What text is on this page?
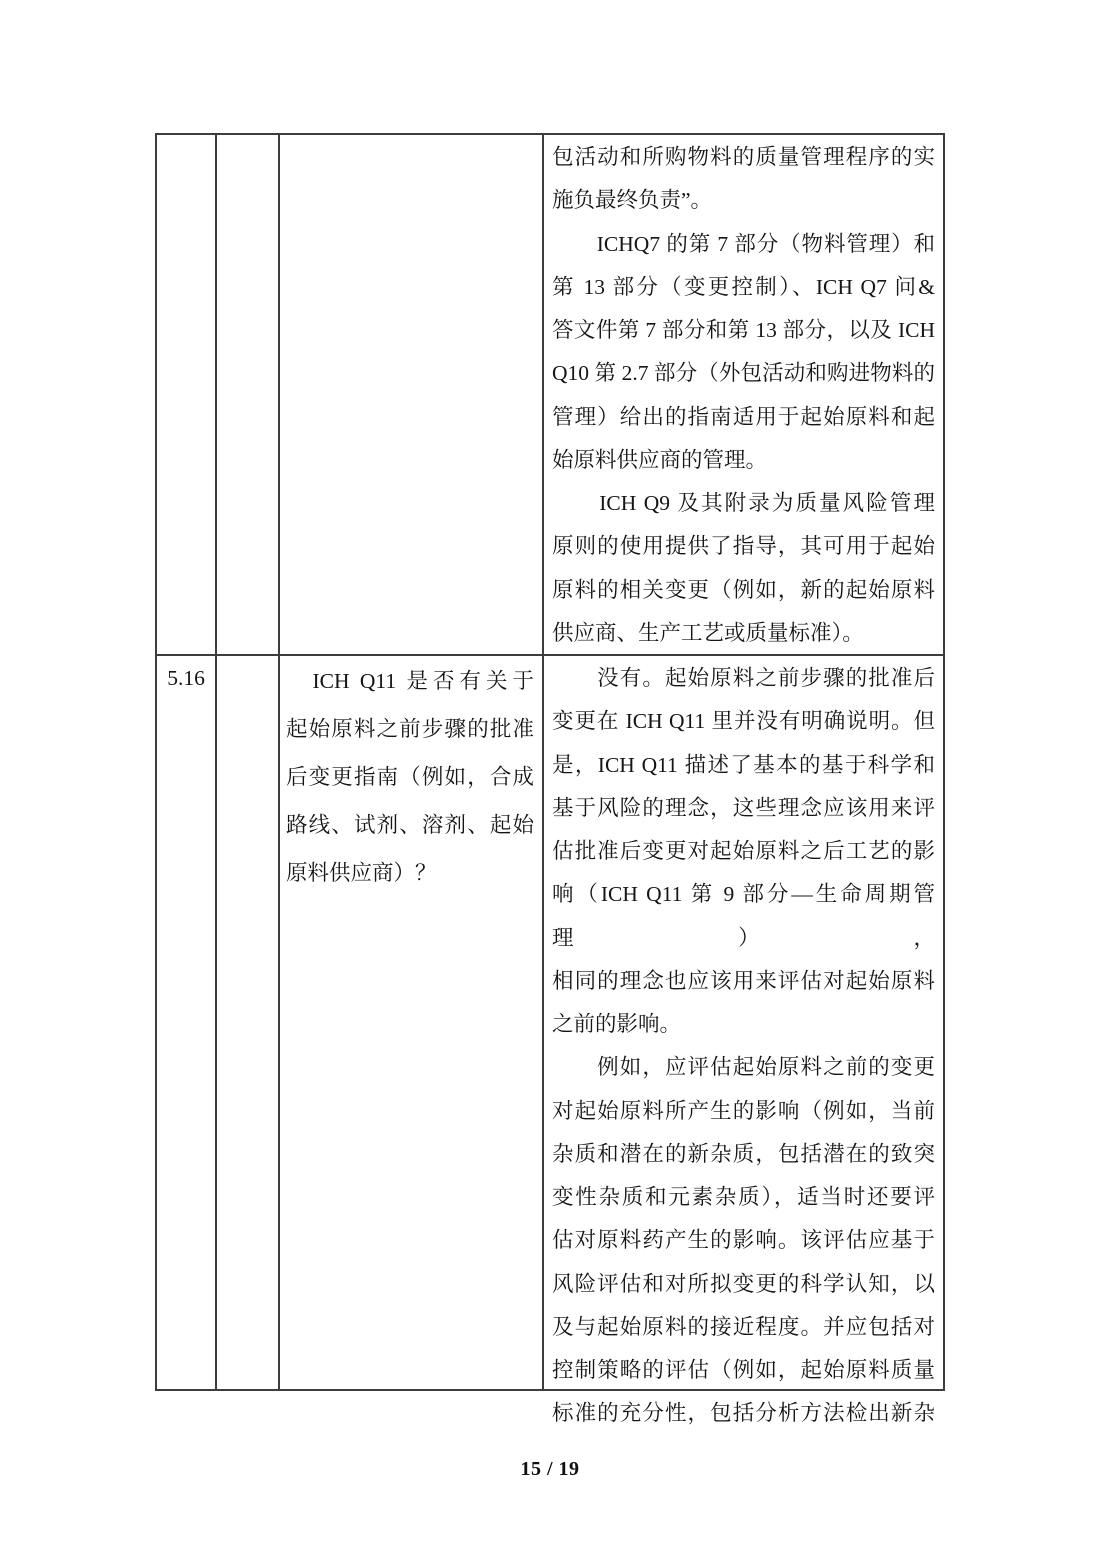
包活动和所购物料的质量管理程序的实
施负最终负责”。
　　ICHQ7 的第 7 部分（物料管理）和
第 13 部分（变更控制）、ICH Q7 问&
答文件第 7 部分和第 13 部分，以及 ICH
Q10 第 2.7 部分（外包活动和购进物料的
管理）给出的指南适用于起始原料和起
始原料供应商的管理。
　　ICH Q9 及其附录为质量风险管理
原则的使用提供了指导，其可用于起始
原料的相关变更（例如，新的起始原料
供应商、生产工艺或质量标准）。
5.16	　ICH Q11 是否有关于
起始原料之前步骤的批准
后变更指南（例如，合成
路线、试剂、溶剂、起始
原料供应商）？
　　没有。起始原料之前步骤的批准后
变更在 ICH Q11 里并没有明确说明。但
是，ICH Q11 描述了基本的基于科学和
基于风险的理念，这些理念应该用来评
估批准后变更对起始原料之后工艺的影
响（ICH Q11 第 9 部分—生命周期管理），
相同的理念也应该用来评估对起始原料
之前的影响。
　　例如，应评估起始原料之前的变更
对起始原料所产生的影响（例如，当前
杂质和潜在的新杂质，包括潜在的致突
变性杂质和元素杂质），适当时还要评
估对原料药产生的影响。该评估应基于
风险评估和对所拟变更的科学认知，以
及与起始原料的接近程度。并应包括对
控制策略的评估（例如，起始原料质量
标准的充分性，包括分析方法检出新杂
15 / 19
